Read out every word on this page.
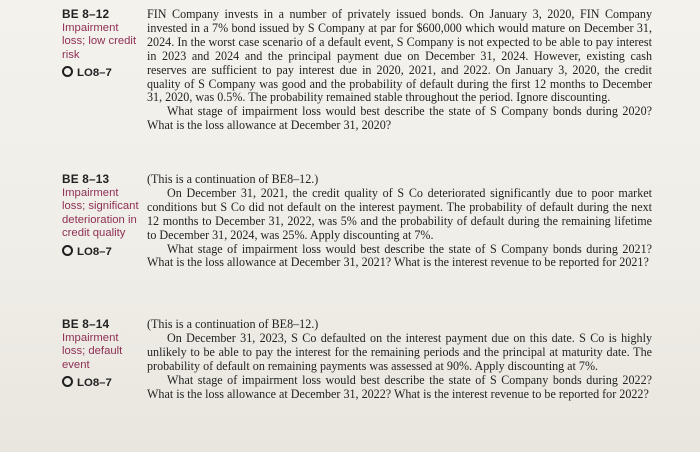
BE 8–12
Impairment
loss; low credit
risk
LO8–7

FIN Company invests in a number of privately issued bonds. On January 3, 2020, FIN Company invested in a 7% bond issued by S Company at par for $600,000 which would mature on December 31, 2024. In the worst case scenario of a default event, S Company is not expected to be able to pay interest in 2023 and 2024 and the principal payment due on December 31, 2024. However, existing cash reserves are sufficient to pay interest due in 2020, 2021, and 2022. On January 3, 2020, the credit quality of S Company was good and the probability of default during the first 12 months to December 31, 2020, was 0.5%. The probability remained stable throughout the period. Ignore discounting.

What stage of impairment loss would best describe the state of S Company bonds during 2020? What is the loss allowance at December 31, 2020?

BE 8–13
Impairment
loss; significant
deterioration in
credit quality
LO8–7

(This is a continuation of BE8–12.)

On December 31, 2021, the credit quality of S Co deteriorated significantly due to poor market conditions but S Co did not default on the interest payment. The probability of default during the next 12 months to December 31, 2022, was 5% and the probability of default during the remaining lifetime to December 31, 2024, was 25%. Apply discounting at 7%.

What stage of impairment loss would best describe the state of S Company bonds during 2021? What is the loss allowance at December 31, 2021? What is the interest revenue to be reported for 2021?

BE 8–14
Impairment
loss; default
event
LO8–7

(This is a continuation of BE8–12.)

On December 31, 2023, S Co defaulted on the interest payment due on this date. S Co is highly unlikely to be able to pay the interest for the remaining periods and the principal at maturity date. The probability of default on remaining payments was assessed at 90%. Apply discounting at 7%.

What stage of impairment loss would best describe the state of S Company bonds during 2022? What is the loss allowance at December 31, 2022? What is the interest revenue to be reported for 2022?
